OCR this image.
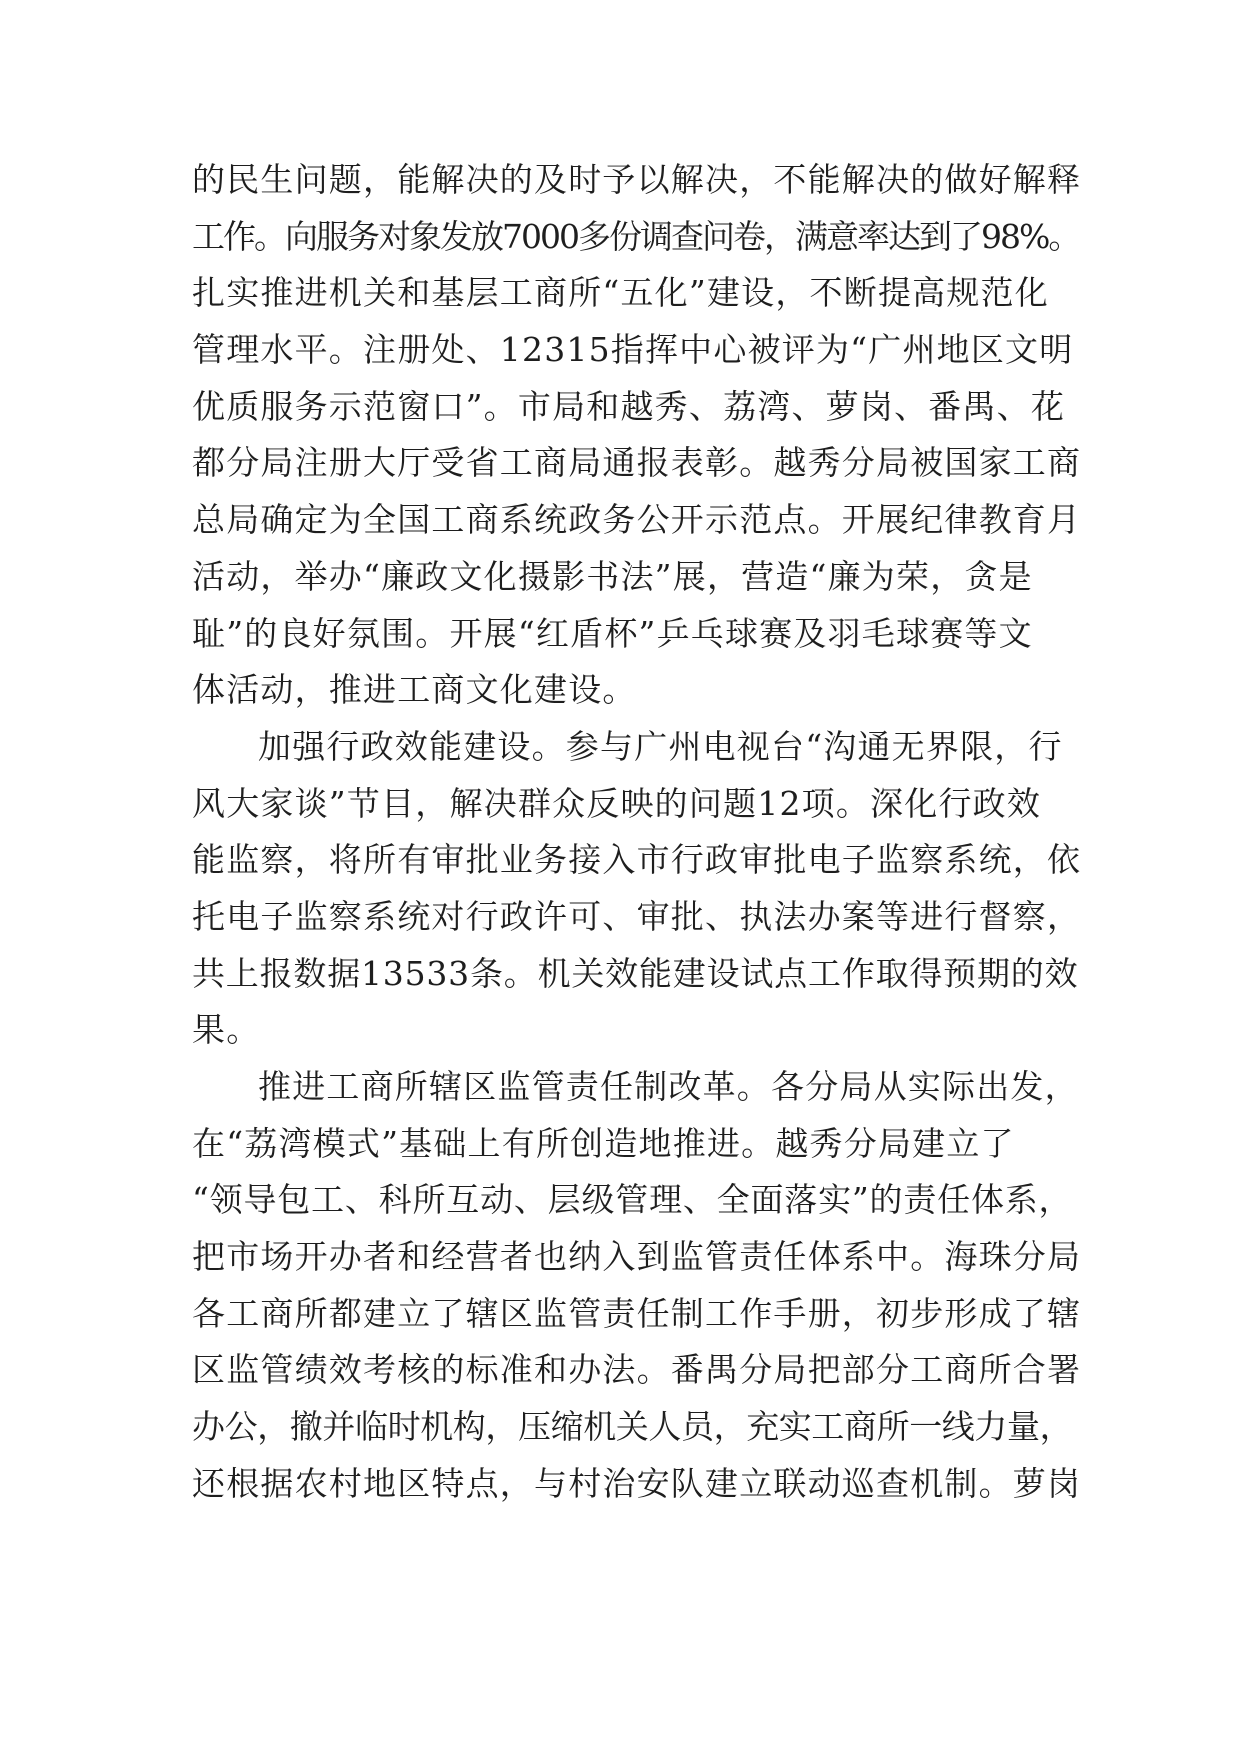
的民生问题，能解决的及时予以解决，不能解决的做好解释
工作。向服务对象发放7000多份调查问卷，满意率达到了98%。
扎实推进机关和基层工商所“五化”建设，不断提高规范化
管理水平。注册处、12315指挥中心被评为“广州地区文明
优质服务示范窗口”。市局和越秀、荔湾、萝岗、番禺、花
都分局注册大厅受省工商局通报表彰。越秀分局被国家工商
总局确定为全国工商系统政务公开示范点。开展纪律教育月
活动，举办“廉政文化摄影书法”展，营造“廉为荣，贪是
耻”的良好氛围。开展“红盾杯”乒乓球赛及羽毛球赛等文
体活动，推进工商文化建设。
加强行政效能建设。参与广州电视台“沟通无界限，行
风大家谈”节目，解决群众反映的问题12项。深化行政效
能监察，将所有审批业务接入市行政审批电子监察系统，依
托电子监察系统对行政许可、审批、执法办案等进行督察，
共上报数据13533条。机关效能建设试点工作取得预期的效
果。
推进工商所辖区监管责任制改革。各分局从实际出发，
在“荔湾模式”基础上有所创造地推进。越秀分局建立了
“领导包工、科所互动、层级管理、全面落实”的责任体系，
把市场开办者和经营者也纳入到监管责任体系中。海珠分局
各工商所都建立了辖区监管责任制工作手册，初步形成了辖
区监管绩效考核的标准和办法。番禺分局把部分工商所合署
办公，撤并临时机构，压缩机关人员，充实工商所一线力量，
还根据农村地区特点，与村治安队建立联动巡查机制。萝岗
